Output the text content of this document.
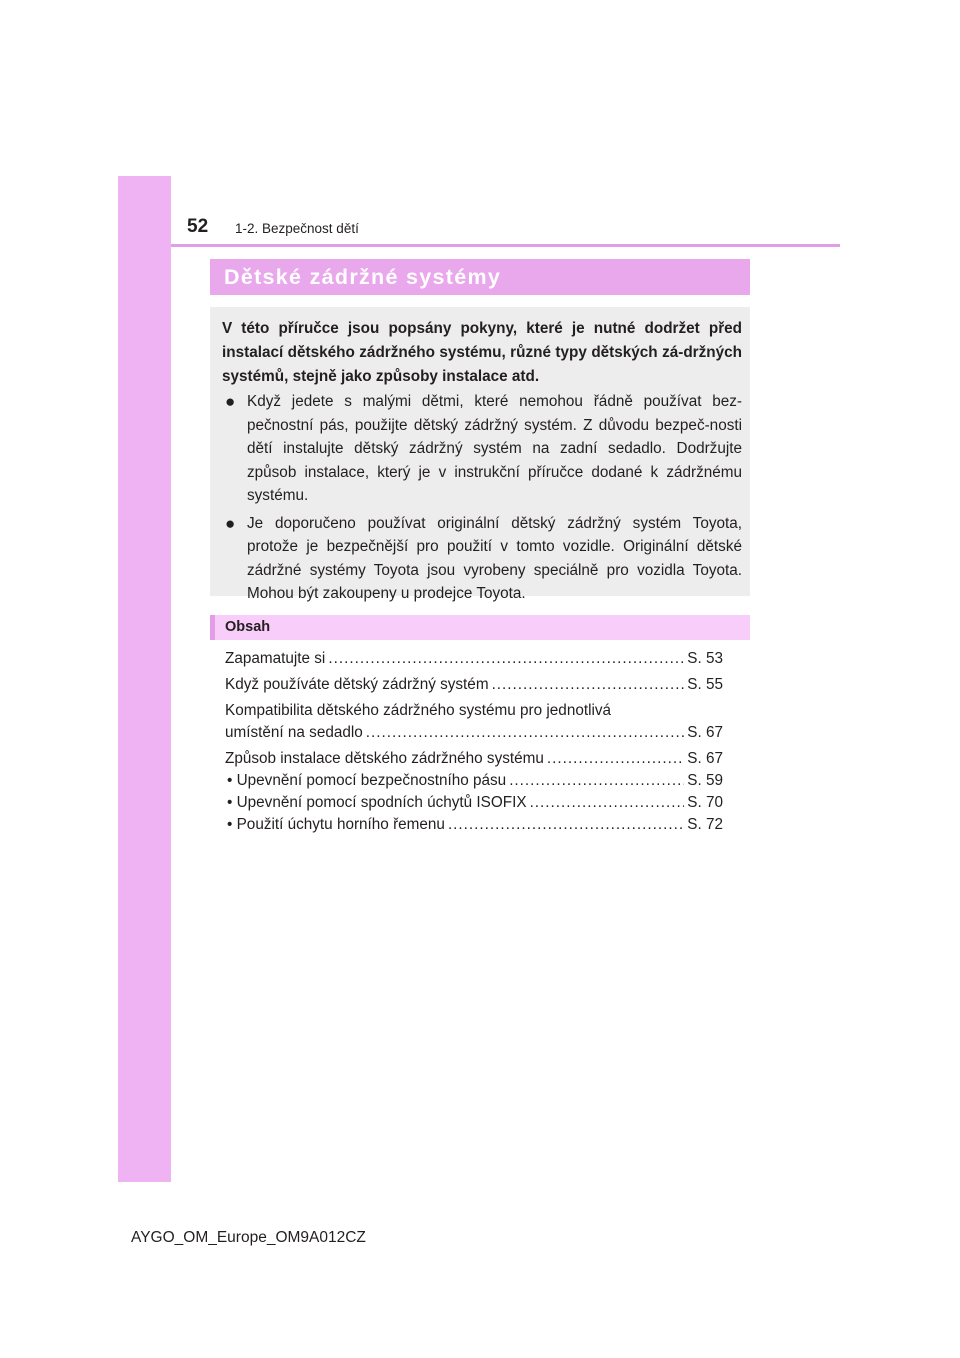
52 1-2. Bezpečnost dětí
Dětské zádržné systémy

V této příručce jsou popsány pokyny, které je nutné dodržet před instalací dětského zádržného systému, různé typy dětských zá-držných systémů, stejně jako způsoby instalace atd.

● Když jedete s malými dětmi, které nemohou řádně používat bez-pečnostní pás, použijte dětský zádržný systém. Z důvodu bezpeč-nosti dětí instalujte dětský zádržný systém na zadní sedadlo. Dodržujte způsob instalace, který je v instrukční příručce dodané k zádržnému systému.

● Je doporučeno používat originální dětský zádržný systém Toyota, protože je bezpečnější pro použití v tomto vozidle. Originální dětské zádržné systémy Toyota jsou vyrobeny speciálně pro vozidla Toyota. Mohou být zakoupeny u prodejce Toyota.

Obsah
Zapamatujte si .....	S. 53
Když používáte dětský zádržný systém .....	S. 55
Kompatibilita dětského zádržného systému pro jednotlivá
umístění na sedadlo .....	S. 67
Způsob instalace dětského zádržného systému .....	S. 67
• Upevnění pomocí bezpečnostního pásu .....	S. 59
• Upevnění pomocí spodních úchytů ISOFIX .....	S. 70
• Použití úchytu horního řemenu .....	S. 72
AYGO_OM_Europe_OM9A012CZ
